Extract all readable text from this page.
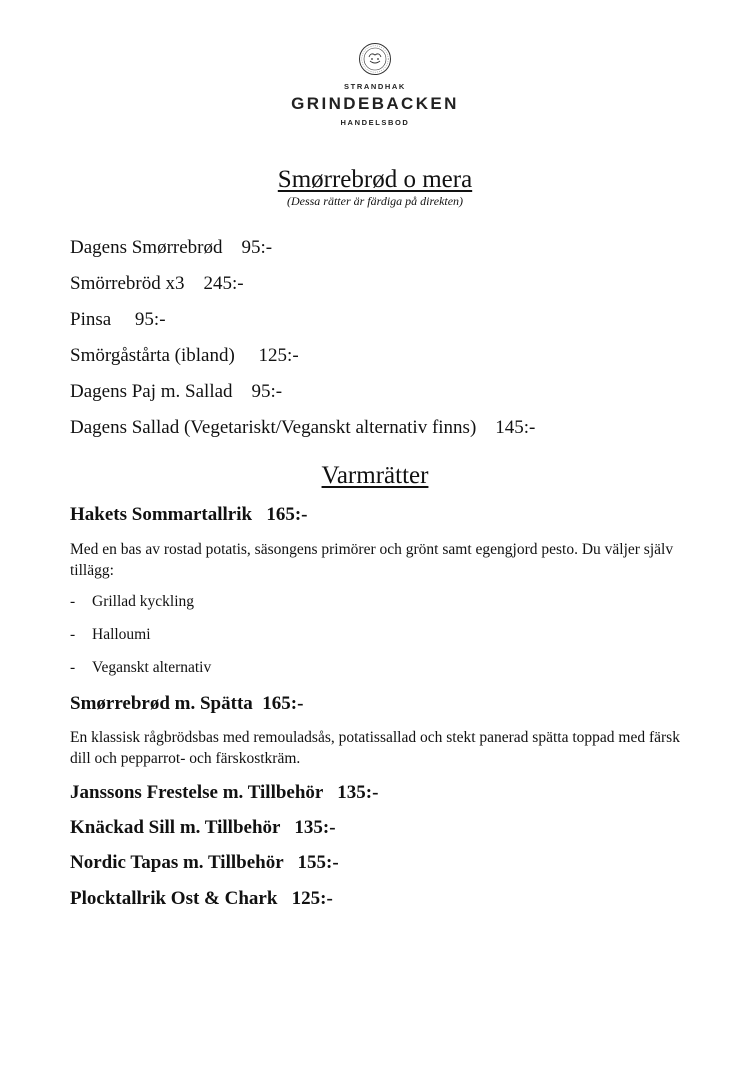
STRANDHAK
GRINDEBACKEN
HANDELSBOD
Smørrebrød o mera
(Dessa rätter är färdiga på direkten)
Dagens Smørrebrød    95:-
Smörrebröd x3    245:-
Pinsa     95:-
Smörgåstårta (ibland)     125:-
Dagens Paj m. Sallad    95:-
Dagens Sallad (Vegetariskt/Veganskt alternativ finns)    145:-
Varmrätter
Hakets Sommartallrik   165:-
Med en bas av rostad potatis, säsongens primörer och grönt samt egengjord pesto. Du väljer själv tillägg:
- Grillad kyckling
- Halloumi
- Veganskt alternativ
Smørrebrød m. Spätta  165:-
En klassisk rågbrödsbas med remouladsås, potatissallad och stekt panerad spätta toppad med färsk dill och pepparrot- och färskostkräm.
Janssons Frestelse m. Tillbehör   135:-
Knäckad Sill m. Tillbehör   135:-
Nordic Tapas m. Tillbehör   155:-
Plocktallrik Ost & Chark   125:-
